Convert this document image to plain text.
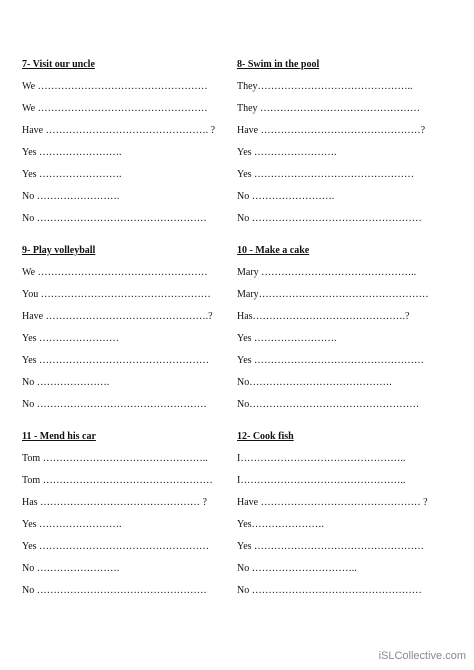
7- Visit our uncle
We ……………………………………………
We ……………………………………………
Have …………………………………………. ?
Yes …………………….
Yes …………………….
No …………………….
No ……………………………………………
8- Swim in the pool
They………………………………………..
They …………………………………………
Have …………………………………………?
Yes …………………….
Yes …………………………………………
No …………………….
No ……………………………………………
9- Play volleyball
We ……………………………………………
You ……………………………………………
Have ………………………………………….?
Yes ……………………
Yes ……………………………………………
No ………………….
No ……………………………………………
10 - Make a cake
Mary ………………………………………..
Mary……………………………………………
Has……………………………………….?
Yes …………………….
Yes ……………………………………………
No…………………………………….
No……………………………………………
11 - Mend his car
Tom …………………………………………..
Tom ……………………………………………
Has ………………………………………… ?
Yes …………………….
Yes ……………………………………………
No …………………….
No ……………………………………………
12- Cook fish
I…………………………………………..
I…………………………………………..
Have ………………………………………… ?
Yes………………….
Yes ……………………………………………
No …………………………..
No ……………………………………………
iSLCollective.com
